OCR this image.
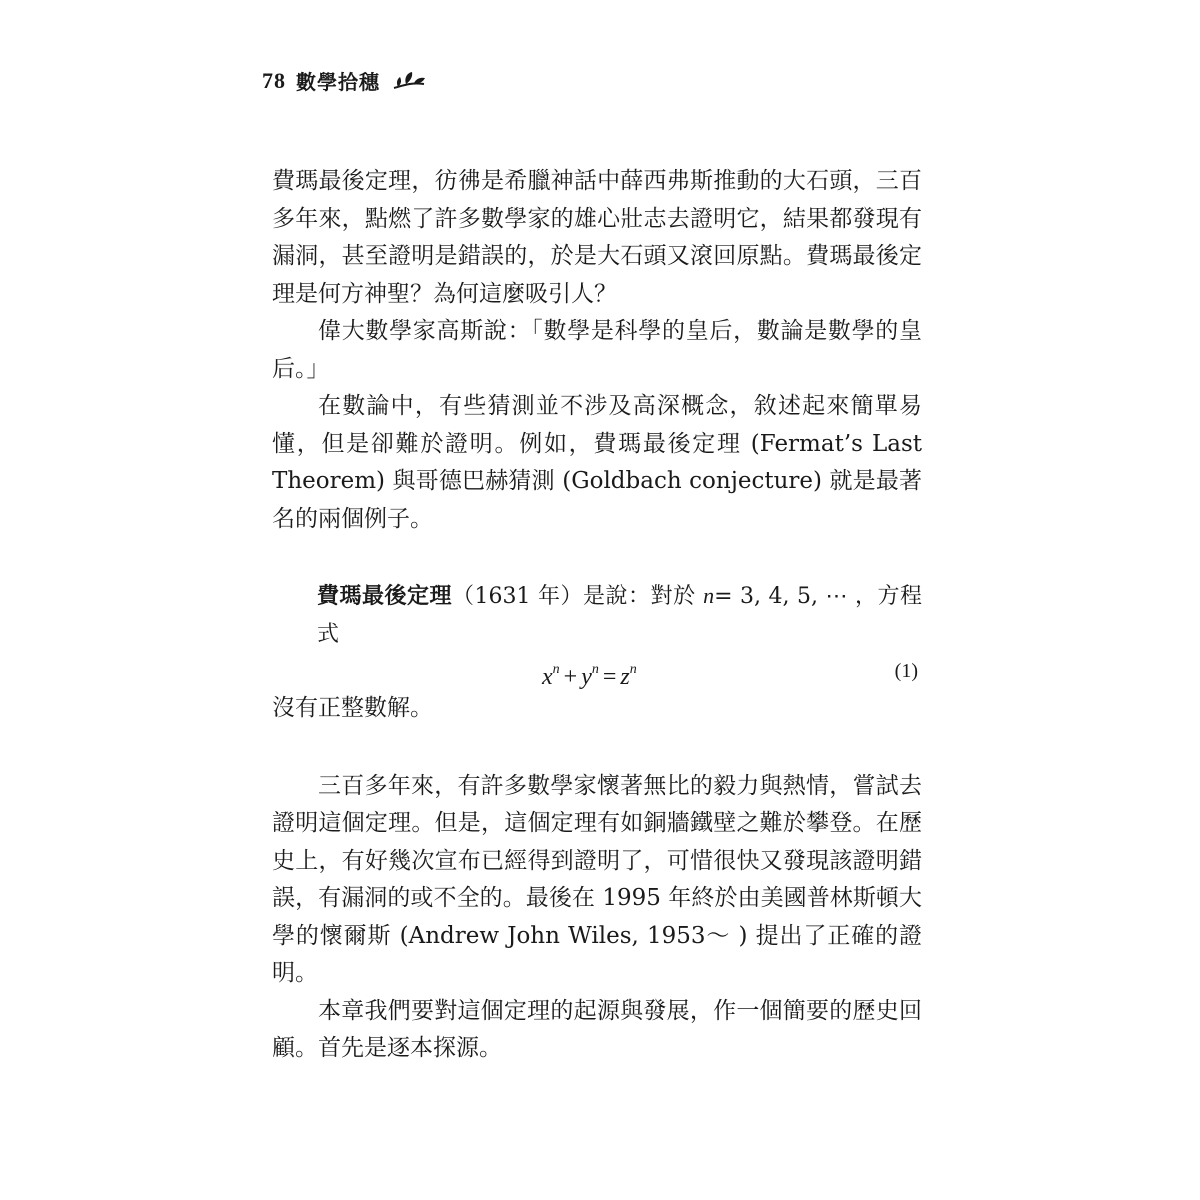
78 數學拾穗

費瑪最後定理，彷彿是希臘神話中薛西弗斯推動的大石頭，三百多年來，點燃了許多數學家的雄心壯志去證明它，結果都發現有漏洞，甚至證明是錯誤的，於是大石頭又滾回原點。費瑪最後定理是何方神聖？為何這麼吸引人？

偉大數學家高斯說：「數學是科學的皇后，數論是數學的皇后。」

在數論中，有些猜測並不涉及高深概念，敘述起來簡單易懂，但是卻難於證明。例如，費瑪最後定理 (Fermat’s Last Theorem) 與哥德巴赫猜測 (Goldbach conjecture) 就是最著名的兩個例子。

費瑪最後定理（1631 年）是說：對於 n= 3, 4, 5, ⋯ ，方程式

$x^n + y^n = z^n$	(1)

沒有正整數解。

三百多年來，有許多數學家懷著無比的毅力與熱情，嘗試去證明這個定理。但是，這個定理有如銅牆鐵壁之難於攀登。在歷史上，有好幾次宣布已經得到證明了，可惜很快又發現該證明錯誤，有漏洞的或不全的。最後在 1995 年終於由美國普林斯頓大學的懷爾斯 (Andrew John Wiles, 1953～ ) 提出了正確的證明。

本章我們要對這個定理的起源與發展，作一個簡要的歷史回顧。首先是逐本探源。
